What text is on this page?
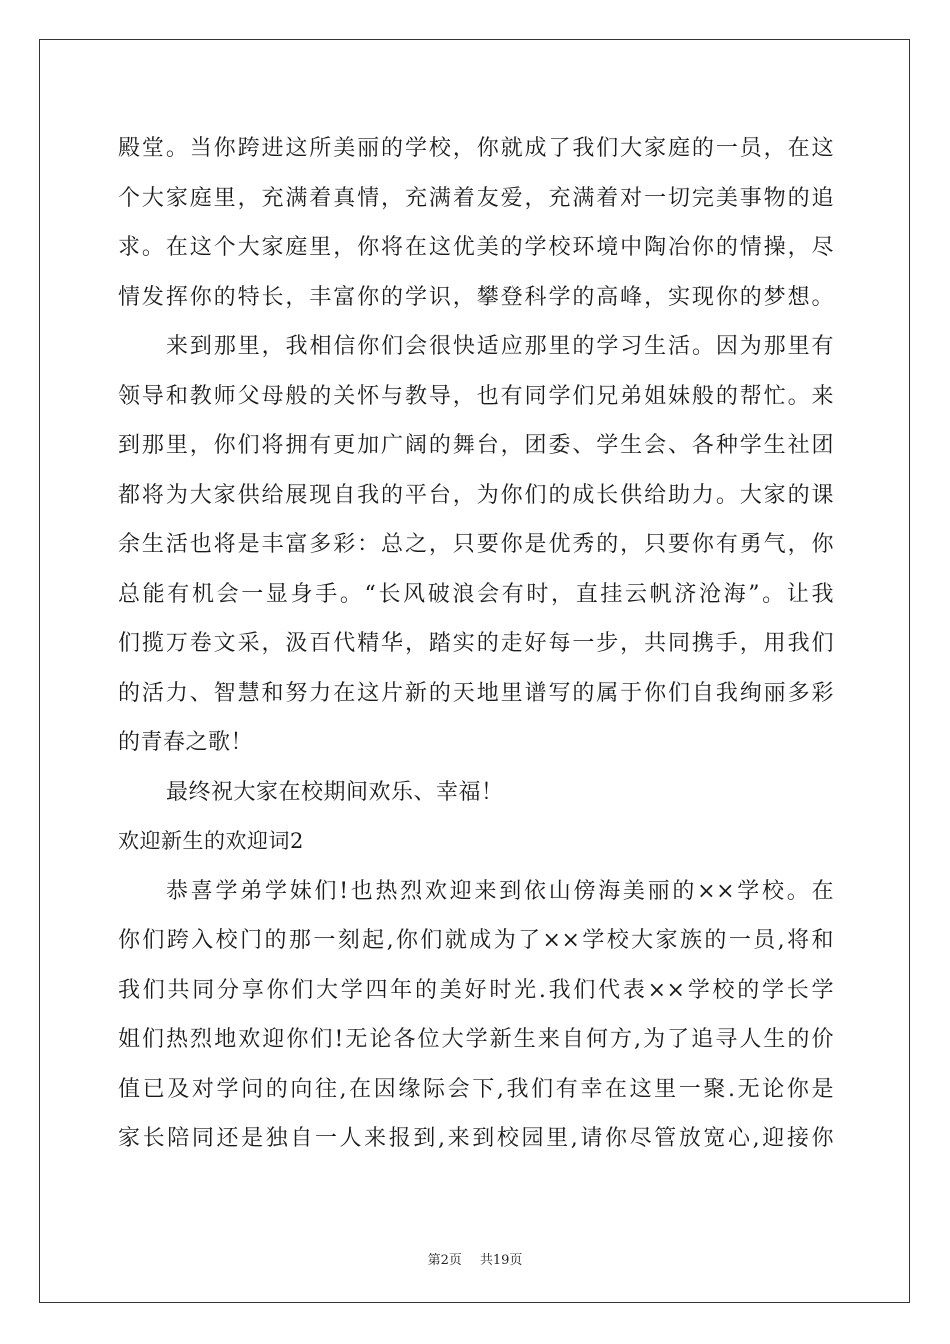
殿堂。当你跨进这所美丽的学校，你就成了我们大家庭的一员，在这
个大家庭里，充满着真情，充满着友爱，充满着对一切完美事物的追
求。在这个大家庭里，你将在这优美的学校环境中陶冶你的情操，尽
情发挥你的特长，丰富你的学识，攀登科学的高峰，实现你的梦想。
来到那里，我相信你们会很快适应那里的学习生活。因为那里有
领导和教师父母般的关怀与教导，也有同学们兄弟姐妹般的帮忙。来
到那里，你们将拥有更加广阔的舞台，团委、学生会、各种学生社团
都将为大家供给展现自我的平台，为你们的成长供给助力。大家的课
余生活也将是丰富多彩：总之，只要你是优秀的，只要你有勇气，你
总能有机会一显身手。“长风破浪会有时，直挂云帆济沧海”。让我
们揽万卷文采，汲百代精华，踏实的走好每一步，共同携手，用我们
的活力、智慧和努力在这片新的天地里谱写的属于你们自我绚丽多彩
的青春之歌！
最终祝大家在校期间欢乐、幸福！
欢迎新生的欢迎词2
恭喜学弟学妹们!也热烈欢迎来到依山傍海美丽的××学校。在
你们跨入校门的那一刻起,你们就成为了××学校大家族的一员,将和
我们共同分享你们大学四年的美好时光.我们代表××学校的学长学
姐们热烈地欢迎你们!无论各位大学新生来自何方,为了追寻人生的价
值已及对学问的向往,在因缘际会下,我们有幸在这里一聚.无论你是
家长陪同还是独自一人来报到,来到校园里,请你尽管放宽心,迎接你
第2页 共19页
